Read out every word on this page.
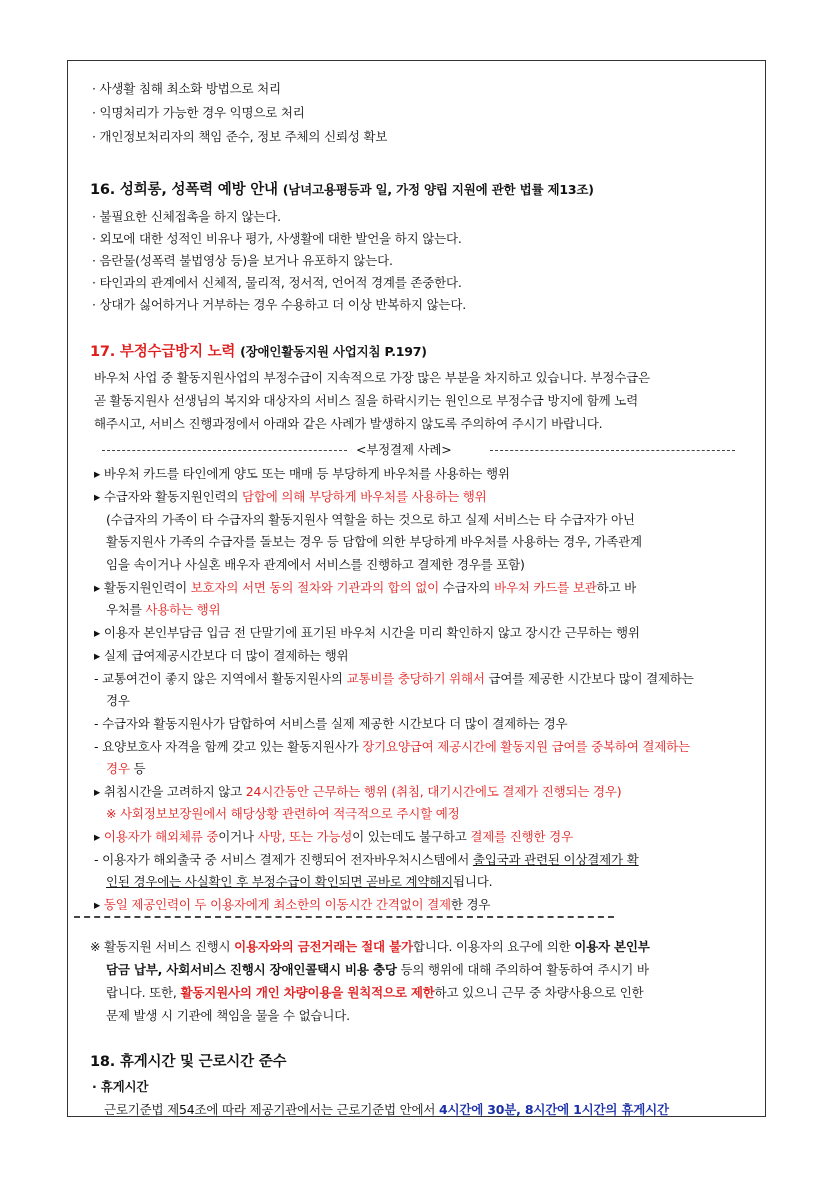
· 사생활 침해 최소화 방법으로 처리
· 익명처리가 가능한 경우 익명으로 처리
· 개인정보처리자의 책임 준수, 정보 주체의 신뢰성 확보
16. 성희롱, 성폭력 예방 안내 (남녀고용평등과 일, 가정 양립 지원에 관한 법률 제13조)
· 불필요한 신체접촉을 하지 않는다.
· 외모에 대한 성적인 비유나 평가, 사생활에 대한 발언을 하지 않는다.
· 음란물(성폭력 불법영상 등)을 보거나 유포하지 않는다.
· 타인과의 관계에서 신체적, 물리적, 정서적, 언어적 경계를 존중한다.
· 상대가 싫어하거나 거부하는 경우 수용하고 더 이상 반복하지 않는다.
17. 부정수급방지 노력 (장애인활동지원 사업지침 P.197)
바우처 사업 중 활동지원사업의 부정수급이 지속적으로 가장 많은 부분을 차지하고 있습니다. 부정수급은
곧 활동지원사 선생님의 복지와 대상자의 서비스 질을 하락시키는 원인으로 부정수급 방지에 함께 노력
해주시고, 서비스 진행과정에서 아래와 같은 사례가 발생하지 않도록 주의하여 주시기 바랍니다.
<부정결제 사례>
▸ 바우처 카드를 타인에게 양도 또는 매매 등 부당하게 바우처를 사용하는 행위
▸ 수급자와 활동지원인력의 담합에 의해 부당하게 바우처를 사용하는 행위
(수급자의 가족이 타 수급자의 활동지원사 역할을 하는 것으로 하고 실제 서비스는 타 수급자가 아닌
활동지원사 가족의 수급자를 돌보는 경우 등 담합에 의한 부당하게 바우처를 사용하는 경우, 가족관계
임을 속이거나 사실혼 배우자 관계에서 서비스를 진행하고 결제한 경우를 포함)
▸ 활동지원인력이 보호자의 서면 동의 절차와 기관과의 합의 없이 수급자의 바우처 카드를 보관하고 바
우처를 사용하는 행위
▸ 이용자 본인부담금 입금 전 단말기에 표기된 바우처 시간을 미리 확인하지 않고 장시간 근무하는 행위
▸ 실제 급여제공시간보다 더 많이 결제하는 행위
- 교통여건이 좋지 않은 지역에서 활동지원사의 교통비를 충당하기 위해서 급여를 제공한 시간보다 많이 결제하는
경우
- 수급자와 활동지원사가 담합하여 서비스를 실제 제공한 시간보다 더 많이 결제하는 경우
- 요양보호사 자격을 함께 갖고 있는 활동지원사가 장기요양급여 제공시간에 활동지원 급여를 중복하여 결제하는
경우 등
▸ 취침시간을 고려하지 않고 24시간동안 근무하는 행위 (취침, 대기시간에도 결제가 진행되는 경우)
※ 사회정보보장원에서 해당상황 관련하여 적극적으로 주시할 예정
▸ 이용자가 해외체류 중이거나 사망, 또는 가능성이 있는데도 불구하고 결제를 진행한 경우
- 이용자가 해외출국 중 서비스 결제가 진행되어 전자바우처시스템에서 출입국과 관련된 이상결제가 확
인된 경우에는 사실확인 후 부정수급이 확인되면 곧바로 계약해지됩니다.
▸ 동일 제공인력이 두 이용자에게 최소한의 이동시간 간격없이 결제한 경우
※ 활동지원 서비스 진행시 이용자와의 금전거래는 절대 불가합니다. 이용자의 요구에 의한 이용자 본인부
담금 납부, 사회서비스 진행시 장애인콜택시 비용 충당 등의 행위에 대해 주의하여 활동하여 주시기 바
랍니다. 또한, 활동지원사의 개인 차량이용을 원칙적으로 제한하고 있으니 근무 중 차량사용으로 인한
문제 발생 시 기관에 책임을 물을 수 없습니다.
18. 휴게시간 및 근로시간 준수
· 휴게시간
근로기준법 제54조에 따라 제공기관에서는 근로기준법 안에서 4시간에 30분, 8시간에 1시간의 휴게시간
